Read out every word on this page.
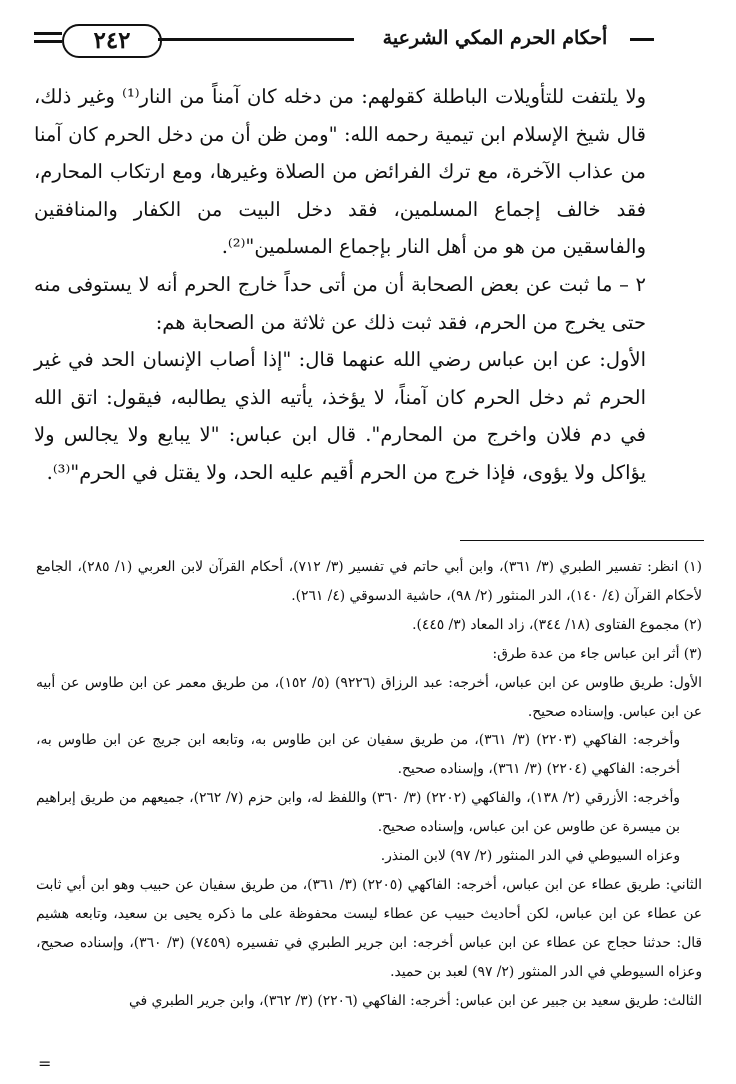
٢٤٢	أحكام الحرم المكي الشرعية

ولا يلتفت للتأويلات الباطلة كقولهم: من دخله كان آمناً من النار⁽¹⁾ وغير ذلك، قال شيخ الإسلام ابن تيمية رحمه الله: "ومن ظن أن من دخل الحرم كان آمنا من عذاب الآخرة، مع ترك الفرائض من الصلاة وغيرها، ومع ارتكاب المحارم، فقد خالف إجماع المسلمين، فقد دخل البيت من الكفار والمنافقين والفاسقين من هو من أهل النار بإجماع المسلمين"⁽²⁾.

٢ – ما ثبت عن بعض الصحابة أن من أتى حداً خارج الحرم أنه لا يستوفى منه حتى يخرج من الحرم، فقد ثبت ذلك عن ثلاثة من الصحابة هم:

الأول: عن ابن عباس رضي الله عنهما قال: "إذا أصاب الإنسان الحد في غير الحرم ثم دخل الحرم كان آمناً، لا يؤخذ، يأتيه الذي يطالبه، فيقول: اتق الله في دم فلان واخرج من المحارم". قال ابن عباس: "لا يبايع ولا يجالس ولا يؤاكل ولا يؤوى، فإذا خرج من الحرم أقيم عليه الحد، ولا يقتل في الحرم"⁽³⁾.

(١) انظر: تفسير الطبري (٣/ ٣٦١)، وابن أبي حاتم في تفسير (٣/ ٧١٢)، أحكام القرآن لابن العربي (١/ ٢٨٥)، الجامع لأحكام القرآن (٤/ ١٤٠)، الدر المنثور (٢/ ٩٨)، حاشية الدسوقي (٤/ ٢٦١).

(٢) مجموع الفتاوى (١٨/ ٣٤٤)، زاد المعاد (٣/ ٤٤٥).

(٣) أثر ابن عباس جاء من عدة طرق:

الأول: طريق طاوس عن ابن عباس، أخرجه: عبد الرزاق (٩٢٢٦) (٥/ ١٥٢)، من طريق معمر عن ابن طاوس عن أبيه عن ابن عباس. وإسناده صحيح.

وأخرجه: الفاكهي (٢٢٠٣) (٣/ ٣٦١)، من طريق سفيان عن ابن طاوس به، وتابعه ابن جريج عن ابن طاوس به، أخرجه: الفاكهي (٢٢٠٤) (٣/ ٣٦١)، وإسناده صحيح.

وأخرجه: الأزرقي (٢/ ١٣٨)، والفاكهي (٢٢٠٢) (٣/ ٣٦٠) واللفظ له، وابن حزم (٧/ ٢٦٢)، جميعهم من طريق إبراهيم بن ميسرة عن طاوس عن ابن عباس، وإسناده صحيح.

وعزاه السيوطي في الدر المنثور (٢/ ٩٧) لابن المنذر.

الثاني: طريق عطاء عن ابن عباس، أخرجه: الفاكهي (٢٢٠٥) (٣/ ٣٦١)، من طريق سفيان عن حبيب وهو ابن أبي ثابت عن عطاء عن ابن عباس، لكن أحاديث حبيب عن عطاء ليست محفوظة على ما ذكره يحيى بن سعيد، وتابعه هشيم قال: حدثنا حجاج عن عطاء عن ابن عباس أخرجه: ابن جرير الطبري في تفسيره (٧٤٥٩) (٣/ ٣٦٠)، وإسناده صحيح، وعزاه السيوطي في الدر المنثور (٢/ ٩٧) لعبد بن حميد.

الثالث: طريق سعيد بن جبير عن ابن عباس: أخرجه: الفاكهي (٢٢٠٦) (٣/ ٣٦٢)، وابن جرير الطبري في

=
